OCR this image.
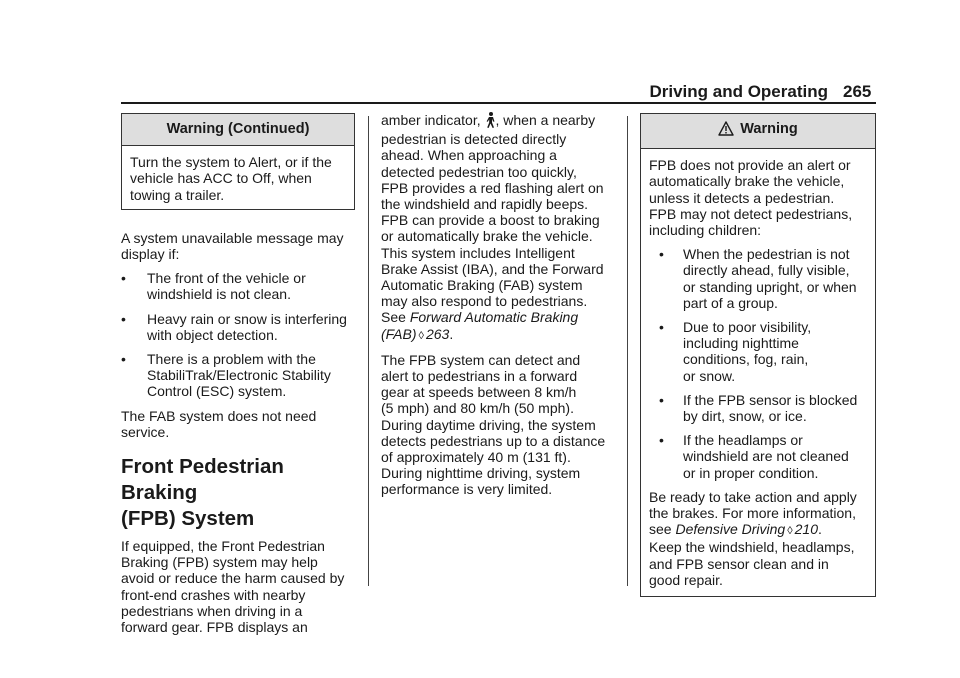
Driving and Operating 265
Warning (Continued)
Turn the system to Alert, or if the
vehicle has ACC to Off, when
towing a trailer.

A system unavailable message may
display if:

•	The front of the vehicle or
windshield is not clean.
•	Heavy rain or snow is interfering
with object detection.
•	There is a problem with the
StabiliTrak/Electronic Stability
Control (ESC) system.

The FAB system does not need
service.

Front Pedestrian Braking
(FPB) System

If equipped, the Front Pedestrian
Braking (FPB) system may help
avoid or reduce the harm caused by
front-end crashes with nearby
pedestrians when driving in a
forward gear. FPB displays an

amber indicator, , when a nearby
pedestrian is detected directly
ahead. When approaching a
detected pedestrian too quickly,
FPB provides a red flashing alert on
the windshield and rapidly beeps.
FPB can provide a boost to braking
or automatically brake the vehicle.
This system includes Intelligent
Brake Assist (IBA), and the Forward
Automatic Braking (FAB) system
may also respond to pedestrians.
See Forward Automatic Braking
(FAB) ◊ 263.

The FPB system can detect and
alert to pedestrians in a forward
gear at speeds between 8 km/h
(5 mph) and 80 km/h (50 mph).
During daytime driving, the system
detects pedestrians up to a distance
of approximately 40 m (131 ft).
During nighttime driving, system
performance is very limited.

Warning

FPB does not provide an alert or
automatically brake the vehicle,
unless it detects a pedestrian.
FPB may not detect pedestrians,
including children:

•	When the pedestrian is not
directly ahead, fully visible,
or standing upright, or when
part of a group.
•	Due to poor visibility,
including nighttime
conditions, fog, rain,
or snow.
•	If the FPB sensor is blocked
by dirt, snow, or ice.
•	If the headlamps or
windshield are not cleaned
or in proper condition.

Be ready to take action and apply
the brakes. For more information,
see Defensive Driving ◊ 210.
Keep the windshield, headlamps,
and FPB sensor clean and in
good repair.
